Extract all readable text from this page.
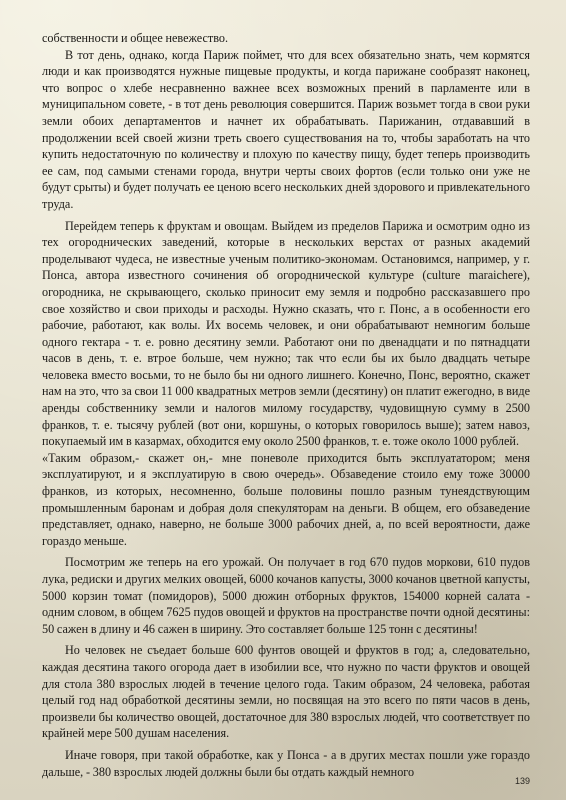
собственности и общее невежество.

В тот день, однако, когда Париж поймет, что для всех обязательно знать, чем кормятся люди и как производятся нужные пищевые продукты, и когда парижане сообразят наконец, что вопрос о хлебе несравненно важнее всех возможных прений в парламенте или в муниципальном совете, - в тот день революция совершится. Париж возьмет тогда в свои руки земли обоих департаментов и начнет их обрабатывать. Парижанин, отдававший в продолжении всей своей жизни треть своего существования на то, чтобы заработать на что купить недостаточную по количеству и плохую по качеству пищу, будет теперь производить ее сам, под самыми стенами города, внутри черты своих фортов (если только они уже не будут срыты) и будет получать ее ценою всего нескольких дней здорового и привлекательного труда.

Перейдем теперь к фруктам и овощам. Выйдем из пределов Парижа и осмотрим одно из тех огороднических заведений, которые в нескольких верстах от разных академий проделывают чудеса, не известные ученым политико-экономам. Остановимся, например, у г. Понса, автора известного сочинения об огороднической культуре (culture maraichere), огородника, не скрывающего, сколько приносит ему земля и подробно рассказавшего про свое хозяйство и свои приходы и расходы. Нужно сказать, что г. Понс, а в особенности его рабочие, работают, как волы. Их восемь человек, и они обрабатывают немногим больше одного гектара - т. е. ровно десятину земли. Работают они по двенадцати и по пятнадцати часов в день, т. е. втрое больше, чем нужно; так что если бы их было двадцать четыре человека вместо восьми, то не было бы ни одного лишнего. Конечно, Понс, вероятно, скажет нам на это, что за свои 11 000 квадратных метров земли (десятину) он платит ежегодно, в виде аренды собственнику земли и налогов милому государству, чудовищную сумму в 2500 франков, т. е. тысячу рублей (вот они, коршуны, о которых говорилось выше); затем навоз, покупаемый им в казармах, обходится ему около 2500 франков, т. е. тоже около 1000 рублей.

«Таким образом,- скажет он,- мне поневоле приходится быть эксплуататором; меня эксплуатируют, и я эксплуатирую в свою очередь». Обзаведение стоило ему тоже 30000 франков, из которых, несомненно, больше половины пошло разным тунеядствующим промышленным баронам и добрая доля спекуляторам на деньги. В общем, его обзаведение представляет, однако, наверно, не больше 3000 рабочих дней, а, по всей вероятности, даже гораздо меньше.

Посмотрим же теперь на его урожай. Он получает в год 670 пудов моркови, 610 пудов лука, редиски и других мелких овощей, 6000 кочанов капусты, 3000 кочанов цветной капусты, 5000 корзин томат (помидоров), 5000 дюжин отборных фруктов, 154000 корней салата - одним словом, в общем 7625 пудов овощей и фруктов на пространстве почти одной десятины: 50 сажен в длину и 46 сажен в ширину. Это составляет больше 125 тонн с десятины!

Но человек не съедает больше 600 фунтов овощей и фруктов в год; а, следовательно, каждая десятина такого огорода дает в изобилии все, что нужно по части фруктов и овощей для стола 380 взрослых людей в течение целого года. Таким образом, 24 человека, работая целый год над обработкой десятины земли, но посвящая на это всего по пяти часов в день, произвели бы количество овощей, достаточное для 380 взрослых людей, что соответствует по крайней мере 500 душам населения.

Иначе говоря, при такой обработке, как у Понса - а в других местах пошли уже гораздо дальше, - 380 взрослых людей должны были бы отдать каждый немного

139
